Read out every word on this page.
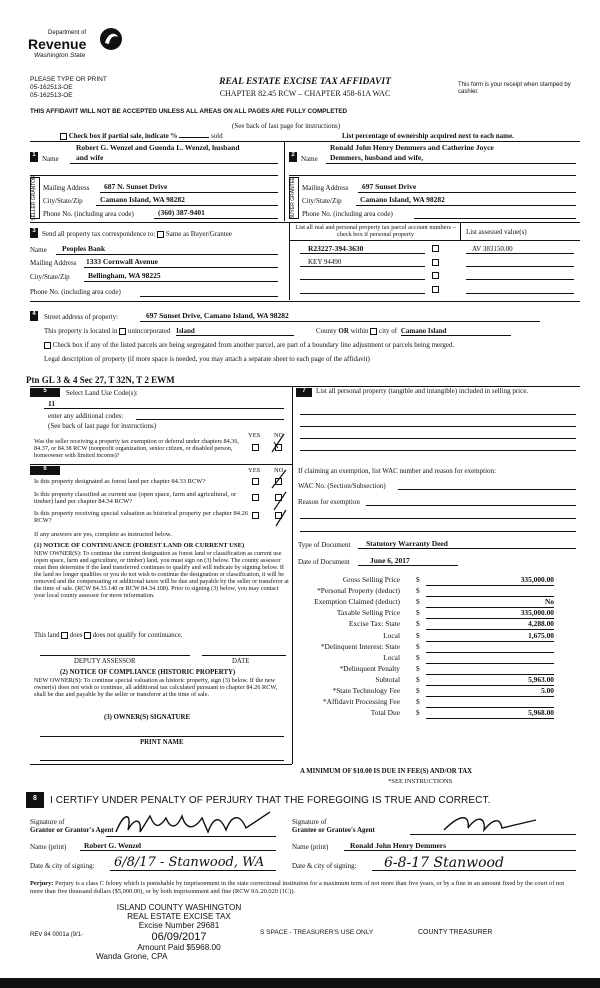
Department of
Revenue
Washington State
PLEASE TYPE OR PRINT
05-162513-OE
05-162513-OE
REAL ESTATE EXCISE TAX AFFIDAVIT
CHAPTER 82.45 RCW – CHAPTER 458-61A WAC
This form is your receipt when stamped by cashier.
THIS AFFIDAVIT WILL NOT BE ACCEPTED UNLESS ALL AREAS ON ALL PAGES ARE FULLY COMPLETED
(See back of last page for instructions)
Check box if partial sale, indicate %	sold	List percentage of ownership acquired next to each name.
1 Name
Robert G. Wenzel and Guenda L. Wenzel, husband
and wife
SELLER GRANTOR Mailing Address 687 N. Sunset Drive
City/State/Zip Camano Island, WA 98282
Phone No. (including area code)	(360) 387-9401
2 Name
Ronald John Henry Demmers and Catherine Joyce
Demmers, husband and wife,
BUYER GRANTEE Mailing Address 697 Sunset Drive
City/State/Zip Camano Island, WA 98282
Phone No. (including area code)
3 Send all property tax correspondence to: Same as Buyer/Grantee
List all real and personal property tax parcel account numbers – check box if personal property	List assessed value(s)
Name Peoples Bank
Mailing Address 1333 Cornwall Avenue
City/State/Zip Bellingham, WA 98225
Phone No. (including area code)
R23227-394-3630	AV 383150.00
KEY 94490
4	Street address of property:	697 Sunset Drive, Camano Island, WA 98282
This property is located in unincorporated Island	County OR within city of Camano Island
Check box if any of the listed parcels are being segregated from another parcel, are part of a boundary line adjustment or parcels being merged.
Legal description of property (if more space is needed, you may attach a separate sheet to each page of the affidavit)
Ptn GL 3 & 4 Sec 27, T 32N, T 2 EWM
5	Select Land Use Code(s):
11
enter any additional codes:
(See back of last page for instructions)
YES NO
Was the seller receiving a property tax exemption or deferral under chapters 84.36, 84.37, or 84.38 RCW (nonprofit organization, senior citizen, or disabled person, homeowner with limited income)?
6	YES NO
Is this property designated as forest land per chapter 84.33 RCW?
Is this property classified as current use (open space, farm and agricultural, or timber) land per chapter 84.34 RCW?
Is this property receiving special valuation as historical property per chapter 84.26 RCW?
If any answers are yes, complete as instructed below.
(1) NOTICE OF CONTINUANCE (FOREST LAND OR CURRENT USE)
NEW OWNER(S): To continue the current designation as forest land or classification as current use (open space, farm and agriculture, or timber) land, you must sign on (3) below. The county assessor must then determine if the land transferred continues to qualify and will indicate by signing below. If the land no longer qualifies or you do not wish to continue the designation or classification, it will be removed and the compensating or additional taxes will be due and payable by the seller or transferor at the time of sale. (RCW 84.33.140 or RCW 84.34.108). Prior to signing (3) below, you may contact your local county assessor for more information.
This land does does not qualify for continuance.
DEPUTY ASSESSOR	DATE
(2) NOTICE OF COMPLIANCE (HISTORIC PROPERTY)
NEW OWNER(S): To continue special valuation as historic property, sign (3) below. If the new owner(s) does not wish to continue, all additional tax calculated pursuant to chapter 84.26 RCW, shall be due and payable by the seller or transferor at the time of sale.
(3) OWNER(S) SIGNATURE
PRINT NAME
7	List all personal property (tangible and intangible) included in selling price.
If claiming an exemption, list WAC number and reason for exemption:
WAC No. (Section/Subsection)
Reason for exemption
Type of Document Statutory Warranty Deed
Date of Document	June 6, 2017
Gross Selling Price $	335,000.00
*Personal Property (deduct) $
Exemption Claimed (deduct) $	No
Taxable Selling Price $	335,000.00
Excise Tax: State $	4,288.00
Local $	1,675.00
*Delinquent Interest: State $
Local $
*Delinquent Penalty $
Subtotal $	5,963.00
*State Technology Fee $	5.00
*Affidavit Processing Fee $
Total Due $	5,968.00
A MINIMUM OF $10.00 IS DUE IN FEE(S) AND/OR TAX
*SEE INSTRUCTIONS
8	I CERTIFY UNDER PENALTY OF PERJURY THAT THE FOREGOING IS TRUE AND CORRECT.
Signature of
Grantor or Grantor's Agent
Name (print) Robert G. Wenzel
Date & city of signing: 6/8/17 - Stanwood, WA
Signature of
Grantee or Grantee's Agent
Name (print)	Ronald John Henry Demmers
Date & city of signing: 6-8-17 Stanwood
Perjury: Perjury is a class C felony which is punishable by imprisonment in the state correctional institution for a maximum term of not more than five years, or by a fine in an amount fixed by the court of not more than five thousand dollars ($5,000.00), or by both imprisonment and fine (RCW 9A.20.020 (1C)).
ISLAND COUNTY WASHINGTON
REAL ESTATE EXCISE TAX
Excise Number 29681
06/09/2017
Amount Paid $5968.00
Wanda Grone, CPA
REV 84 0001a (9/1-	S SPACE - TREASURER'S USE ONLY	COUNTY TREASURER
